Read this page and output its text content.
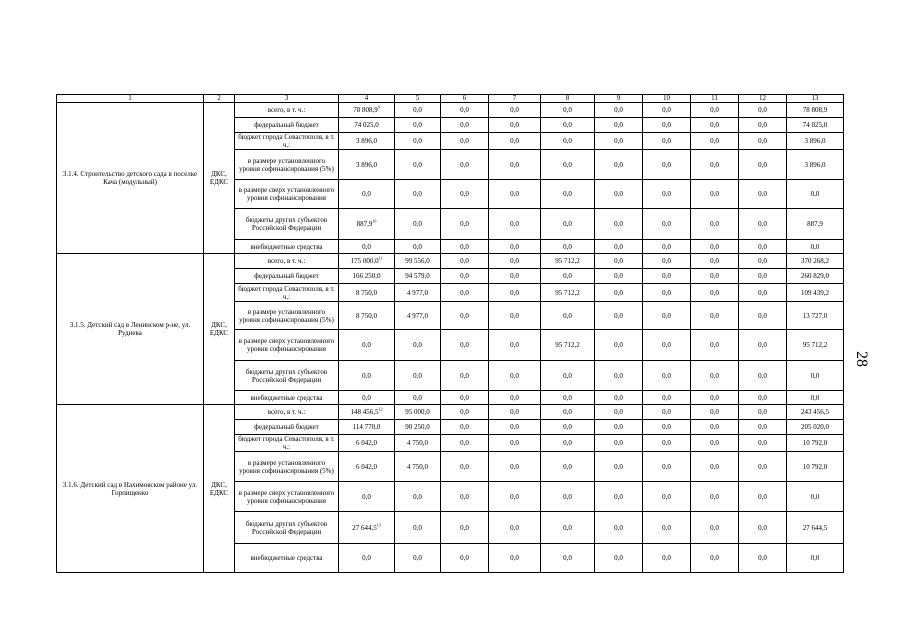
1	2	3	4	5	6	7	8	9	10	11	12	13
3.1.4. Строительство детского сада в поселке Кача (модульный)	ДКС, ЕДКС	всего, в т. ч.:	78 808,9$^9$	0,0	0,0	0,0	0,0	0,0	0,0	0,0	0,0	78 808,9
		федеральный бюджет	74 025,0	0,0	0,0	0,0	0,0	0,0	0,0	0,0	0,0	74 025,0
		бюджет города Севастополя, в т. ч.:	3 896,0	0,0	0,0	0,0	0,0	0,0	0,0	0,0	0,0	3 896,0
		в размере установленного уровня софинансирования (5%)	3 896,0	0,0	0,0	0,0	0,0	0,0	0,0	0,0	0,0	3 896,0
		в размере сверх установленного уровня софинансирования	0,0	0,0	0,0	0,0	0,0	0,0	0,0	0,0	0,0	0,0
		бюджеты других субъектов Российской Федерации	887,9$^{10}$	0,0	0,0	0,0	0,0	0,0	0,0	0,0	0,0	887,9
		внебюджетные средства	0,0	0,0	0,0	0,0	0,0	0,0	0,0	0,0	0,0	0,0
3.1.5. Детский сад в Ленинском р-не, ул. Руднева	ДКС, ЕДКС	всего, в т. ч.:	175 000,0$^{11}$	99 556,0	0,0	0,0	95 712,2	0,0	0,0	0,0	0,0	370 268,2
		федеральный бюджет	166 250,0	94 579,0	0,0	0,0	0,0	0,0	0,0	0,0	0,0	260 829,0
		бюджет города Севастополя, в т. ч.:	8 750,0	4 977,0	0,0	0,0	95 712,2	0,0	0,0	0,0	0,0	109 439,2
		в размере установленного уровня софинансирования (5%)	8 750,0	4 977,0	0,0	0,0	0,0	0,0	0,0	0,0	0,0	13 727,0
		в размере сверх установленного уровня софинансирования	0,0	0,0	0,0	0,0	95 712,2	0,0	0,0	0,0	0,0	95 712,2
		бюджеты других субъектов Российской Федерации	0,0	0,0	0,0	0,0	0,0	0,0	0,0	0,0	0,0	0,0
		внебюджетные средства	0,0	0,0	0,0	0,0	0,0	0,0	0,0	0,0	0,0	0,0
3.1.6. Детский сад в Нахимовском районе ул. Горпищенко	ДКС, ЕДКС	всего, в т. ч.:	148 456,5$^{12}$	95 000,0	0,0	0,0	0,0	0,0	0,0	0,0	0,0	243 456,5
		федеральный бюджет	114 770,0	90 250,0	0,0	0,0	0,0	0,0	0,0	0,0	0,0	205 020,0
		бюджет города Севастополя, в т. ч.:	6 042,0	4 750,0	0,0	0,0	0,0	0,0	0,0	0,0	0,0	10 792,0
		в размере установленного уровня софинансирования (5%)	6 042,0	4 750,0	0,0	0,0	0,0	0,0	0,0	0,0	0,0	10 792,0
		в размере сверх установленного уровня софинансирования	0,0	0,0	0,0	0,0	0,0	0,0	0,0	0,0	0,0	0,0
		бюджеты других субъектов Российской Федерации	27 644,5$^{13}$	0,0	0,0	0,0	0,0	0,0	0,0	0,0	0,0	27 644,5
		внебюджетные средства	0,0	0,0	0,0	0,0	0,0	0,0	0,0	0,0	0,0	0,0
28
